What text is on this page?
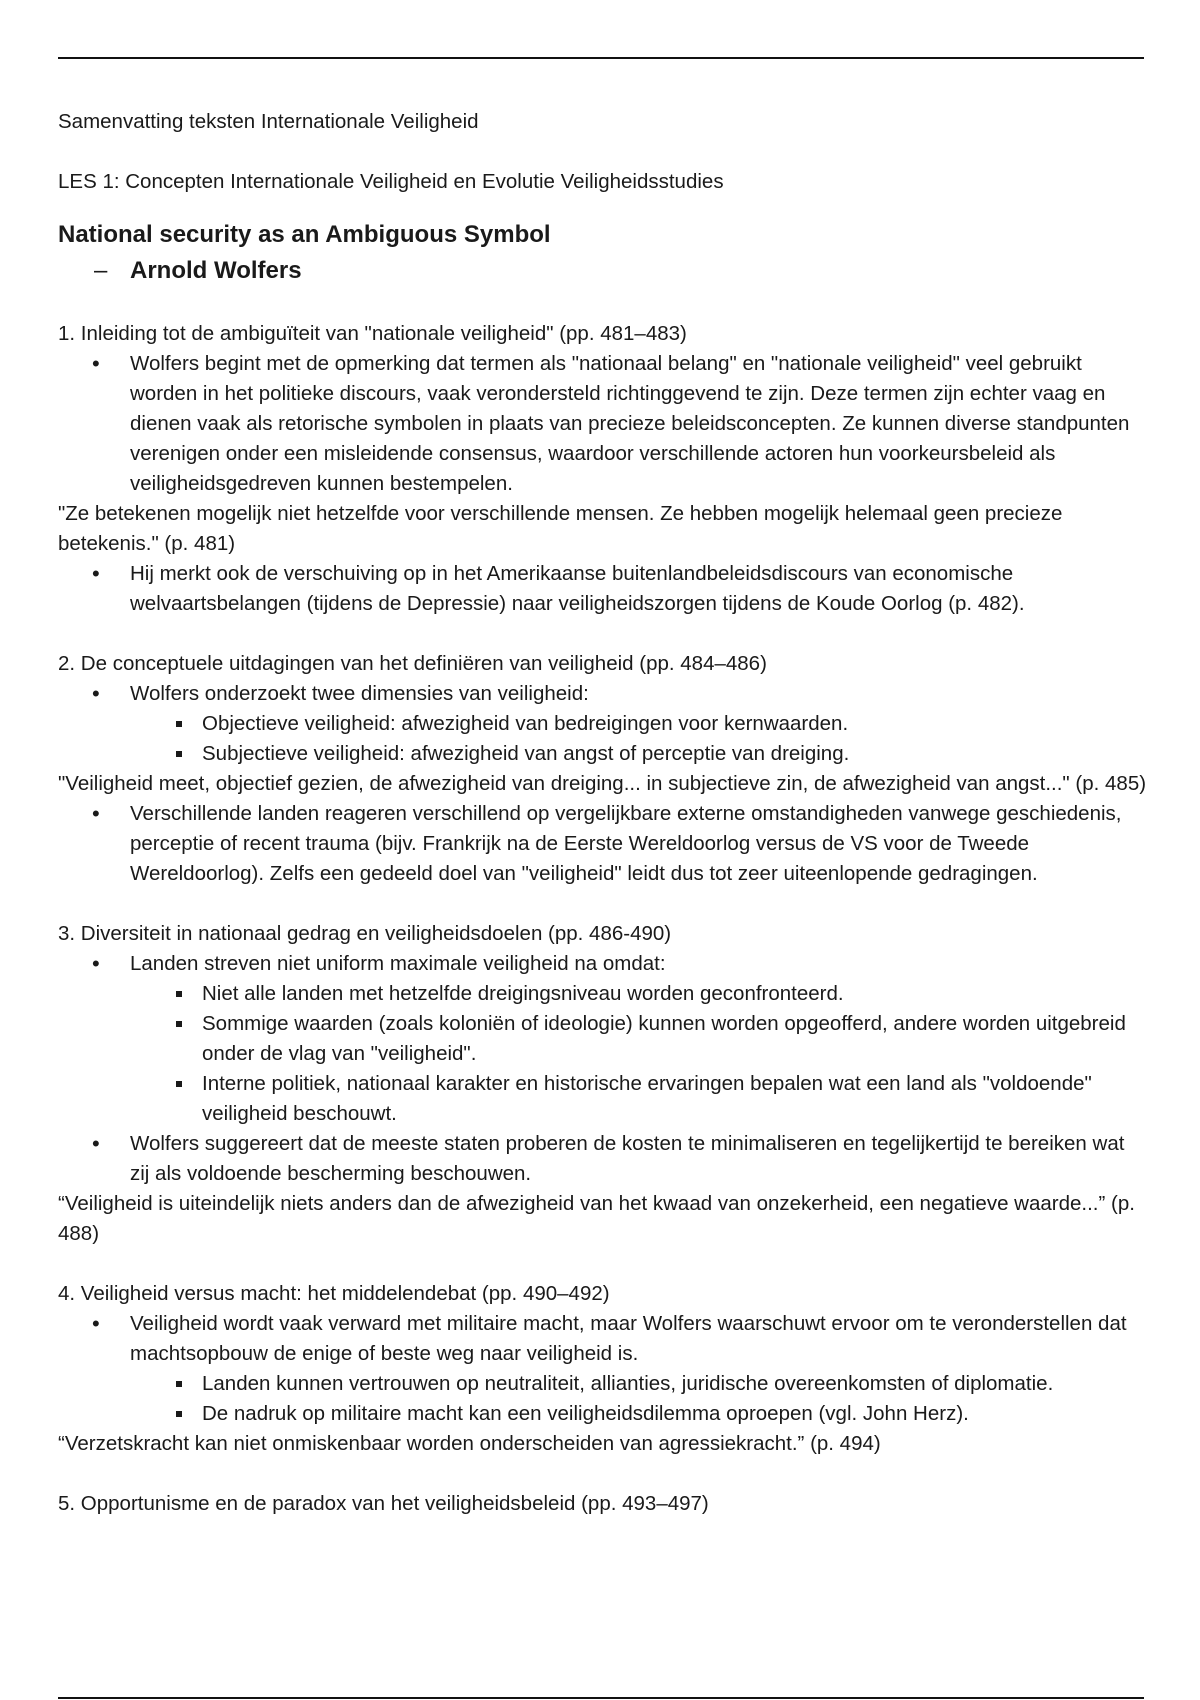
Samenvatting teksten Internationale Veiligheid

LES 1: Concepten Internationale Veiligheid en Evolutie Veiligheidsstudies

National security as an Ambiguous Symbol

– Arnold Wolfers

1. Inleiding tot de ambiguïteit van "nationale veiligheid" (pp. 481–483)

• Wolfers begint met de opmerking dat termen als "nationaal belang" en "nationale veiligheid" veel gebruikt worden in het politieke discours, vaak verondersteld richtinggevend te zijn. Deze termen zijn echter vaag en dienen vaak als retorische symbolen in plaats van precieze beleidsconcepten. Ze kunnen diverse standpunten verenigen onder een misleidende consensus, waardoor verschillende actoren hun voorkeursbeleid als veiligheidsgedreven kunnen bestempelen.

"Ze betekenen mogelijk niet hetzelfde voor verschillende mensen. Ze hebben mogelijk helemaal geen precieze betekenis." (p. 481)

• Hij merkt ook de verschuiving op in het Amerikaanse buitenlandbeleidsdiscours van economische welvaartsbelangen (tijdens de Depressie) naar veiligheidszorgen tijdens de Koude Oorlog (p. 482).

2. De conceptuele uitdagingen van het definiëren van veiligheid (pp. 484–486)

• Wolfers onderzoekt twee dimensies van veiligheid:
Objectieve veiligheid: afwezigheid van bedreigingen voor kernwaarden.
Subjectieve veiligheid: afwezigheid van angst of perceptie van dreiging.

"Veiligheid meet, objectief gezien, de afwezigheid van dreiging... in subjectieve zin, de afwezigheid van angst..." (p. 485)

• Verschillende landen reageren verschillend op vergelijkbare externe omstandigheden vanwege geschiedenis, perceptie of recent trauma (bijv. Frankrijk na de Eerste Wereldoorlog versus de VS voor de Tweede Wereldoorlog). Zelfs een gedeeld doel van "veiligheid" leidt dus tot zeer uiteenlopende gedragingen.

3. Diversiteit in nationaal gedrag en veiligheidsdoelen (pp. 486-490)

• Landen streven niet uniform maximale veiligheid na omdat:
Niet alle landen met hetzelfde dreigingsniveau worden geconfronteerd.
Sommige waarden (zoals koloniën of ideologie) kunnen worden opgeofferd, andere worden uitgebreid onder de vlag van "veiligheid".
Interne politiek, nationaal karakter en historische ervaringen bepalen wat een land als "voldoende" veiligheid beschouwt.
• Wolfers suggereert dat de meeste staten proberen de kosten te minimaliseren en tegelijkertijd te bereiken wat zij als voldoende bescherming beschouwen.

“Veiligheid is uiteindelijk niets anders dan de afwezigheid van het kwaad van onzekerheid, een negatieve waarde...” (p. 488)

4. Veiligheid versus macht: het middelendebat (pp. 490–492)

• Veiligheid wordt vaak verward met militaire macht, maar Wolfers waarschuwt ervoor om te veronderstellen dat machtsopbouw de enige of beste weg naar veiligheid is.
Landen kunnen vertrouwen op neutraliteit, allianties, juridische overeenkomsten of diplomatie.
De nadruk op militaire macht kan een veiligheidsdilemma oproepen (vgl. John Herz).

“Verzetskracht kan niet onmiskenbaar worden onderscheiden van agressiekracht.” (p. 494)

5. Opportunisme en de paradox van het veiligheidsbeleid (pp. 493–497)
